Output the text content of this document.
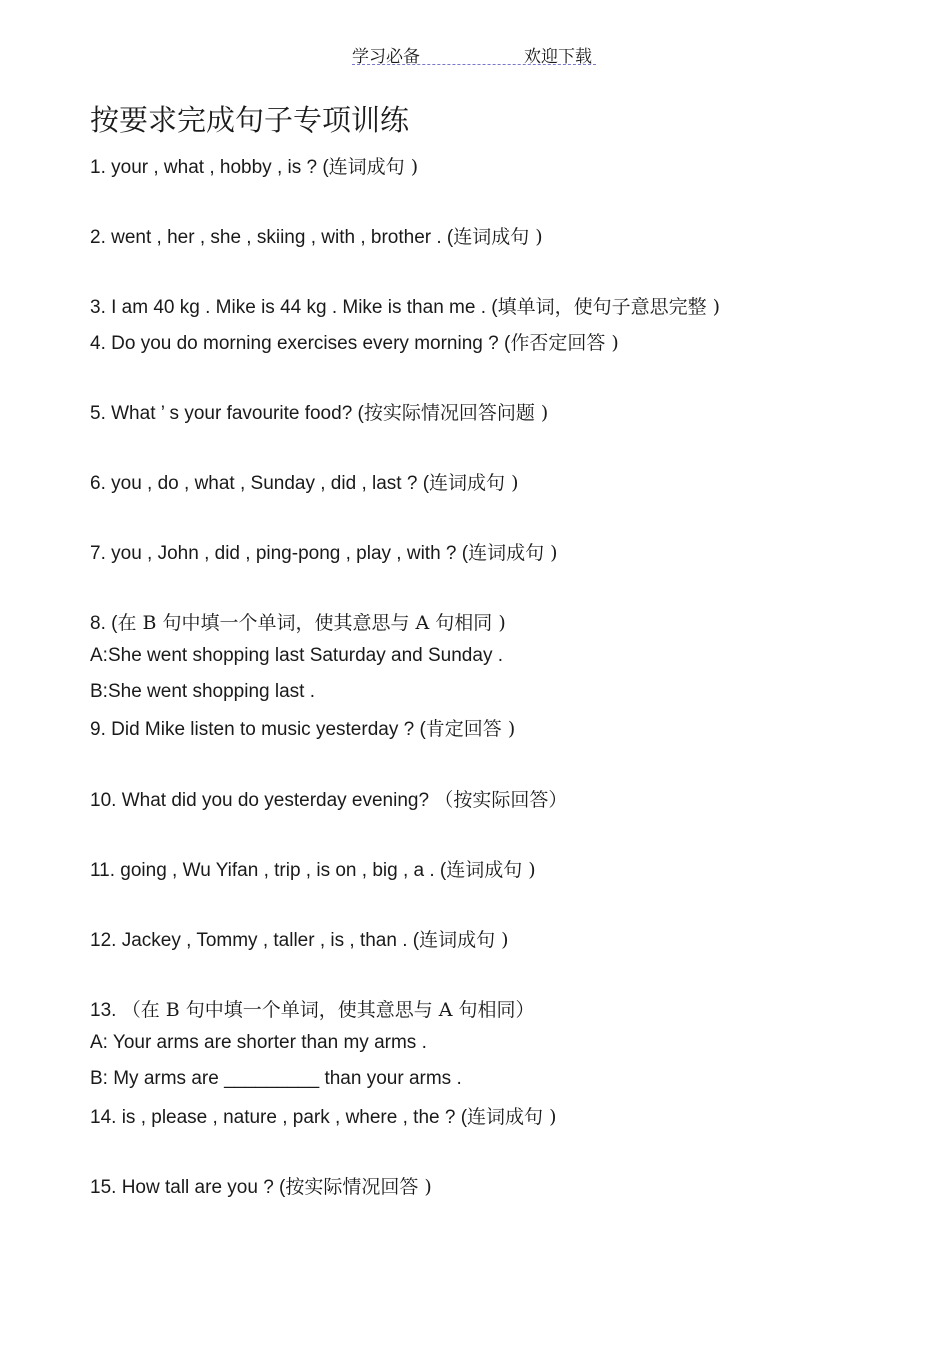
学习必备	欢迎下载
按要求完成句子专项训练
1. your , what , hobby , is ? (连词成句 )
2. went , her , she , skiing , with , brother . (连词成句 )
3. I am 40 kg . Mike is 44 kg . Mike is than me . (填单词，使句子意思完整 )
4. Do you do morning exercises every morning ? (作否定回答 )
5. What ’ s your favourite food? (按实际情况回答问题 )
6. you , do , what , Sunday , did , last ? (连词成句 )
7. you , John , did , ping-pong , play , with ? (连词成句 )
8. (在 B 句中填一个单词，使其意思与 A 句相同 )
A:She went shopping last Saturday and Sunday .
B:She went shopping last .
9. Did Mike listen to music yesterday ? (肯定回答 )
10. What did you do yesterday evening? （按实际回答）
11. going , Wu Yifan , trip , is on , big , a . (连词成句 )
12. Jackey , Tommy , taller , is , than . (连词成句 )
13. （在 B 句中填一个单词，使其意思与 A 句相同）
A: Your arms are shorter than my arms .
B: My arms are _________ than your arms .
14. is , please , nature , park , where , the ? (连词成句 )
15. How tall are you ? (按实际情况回答 )
